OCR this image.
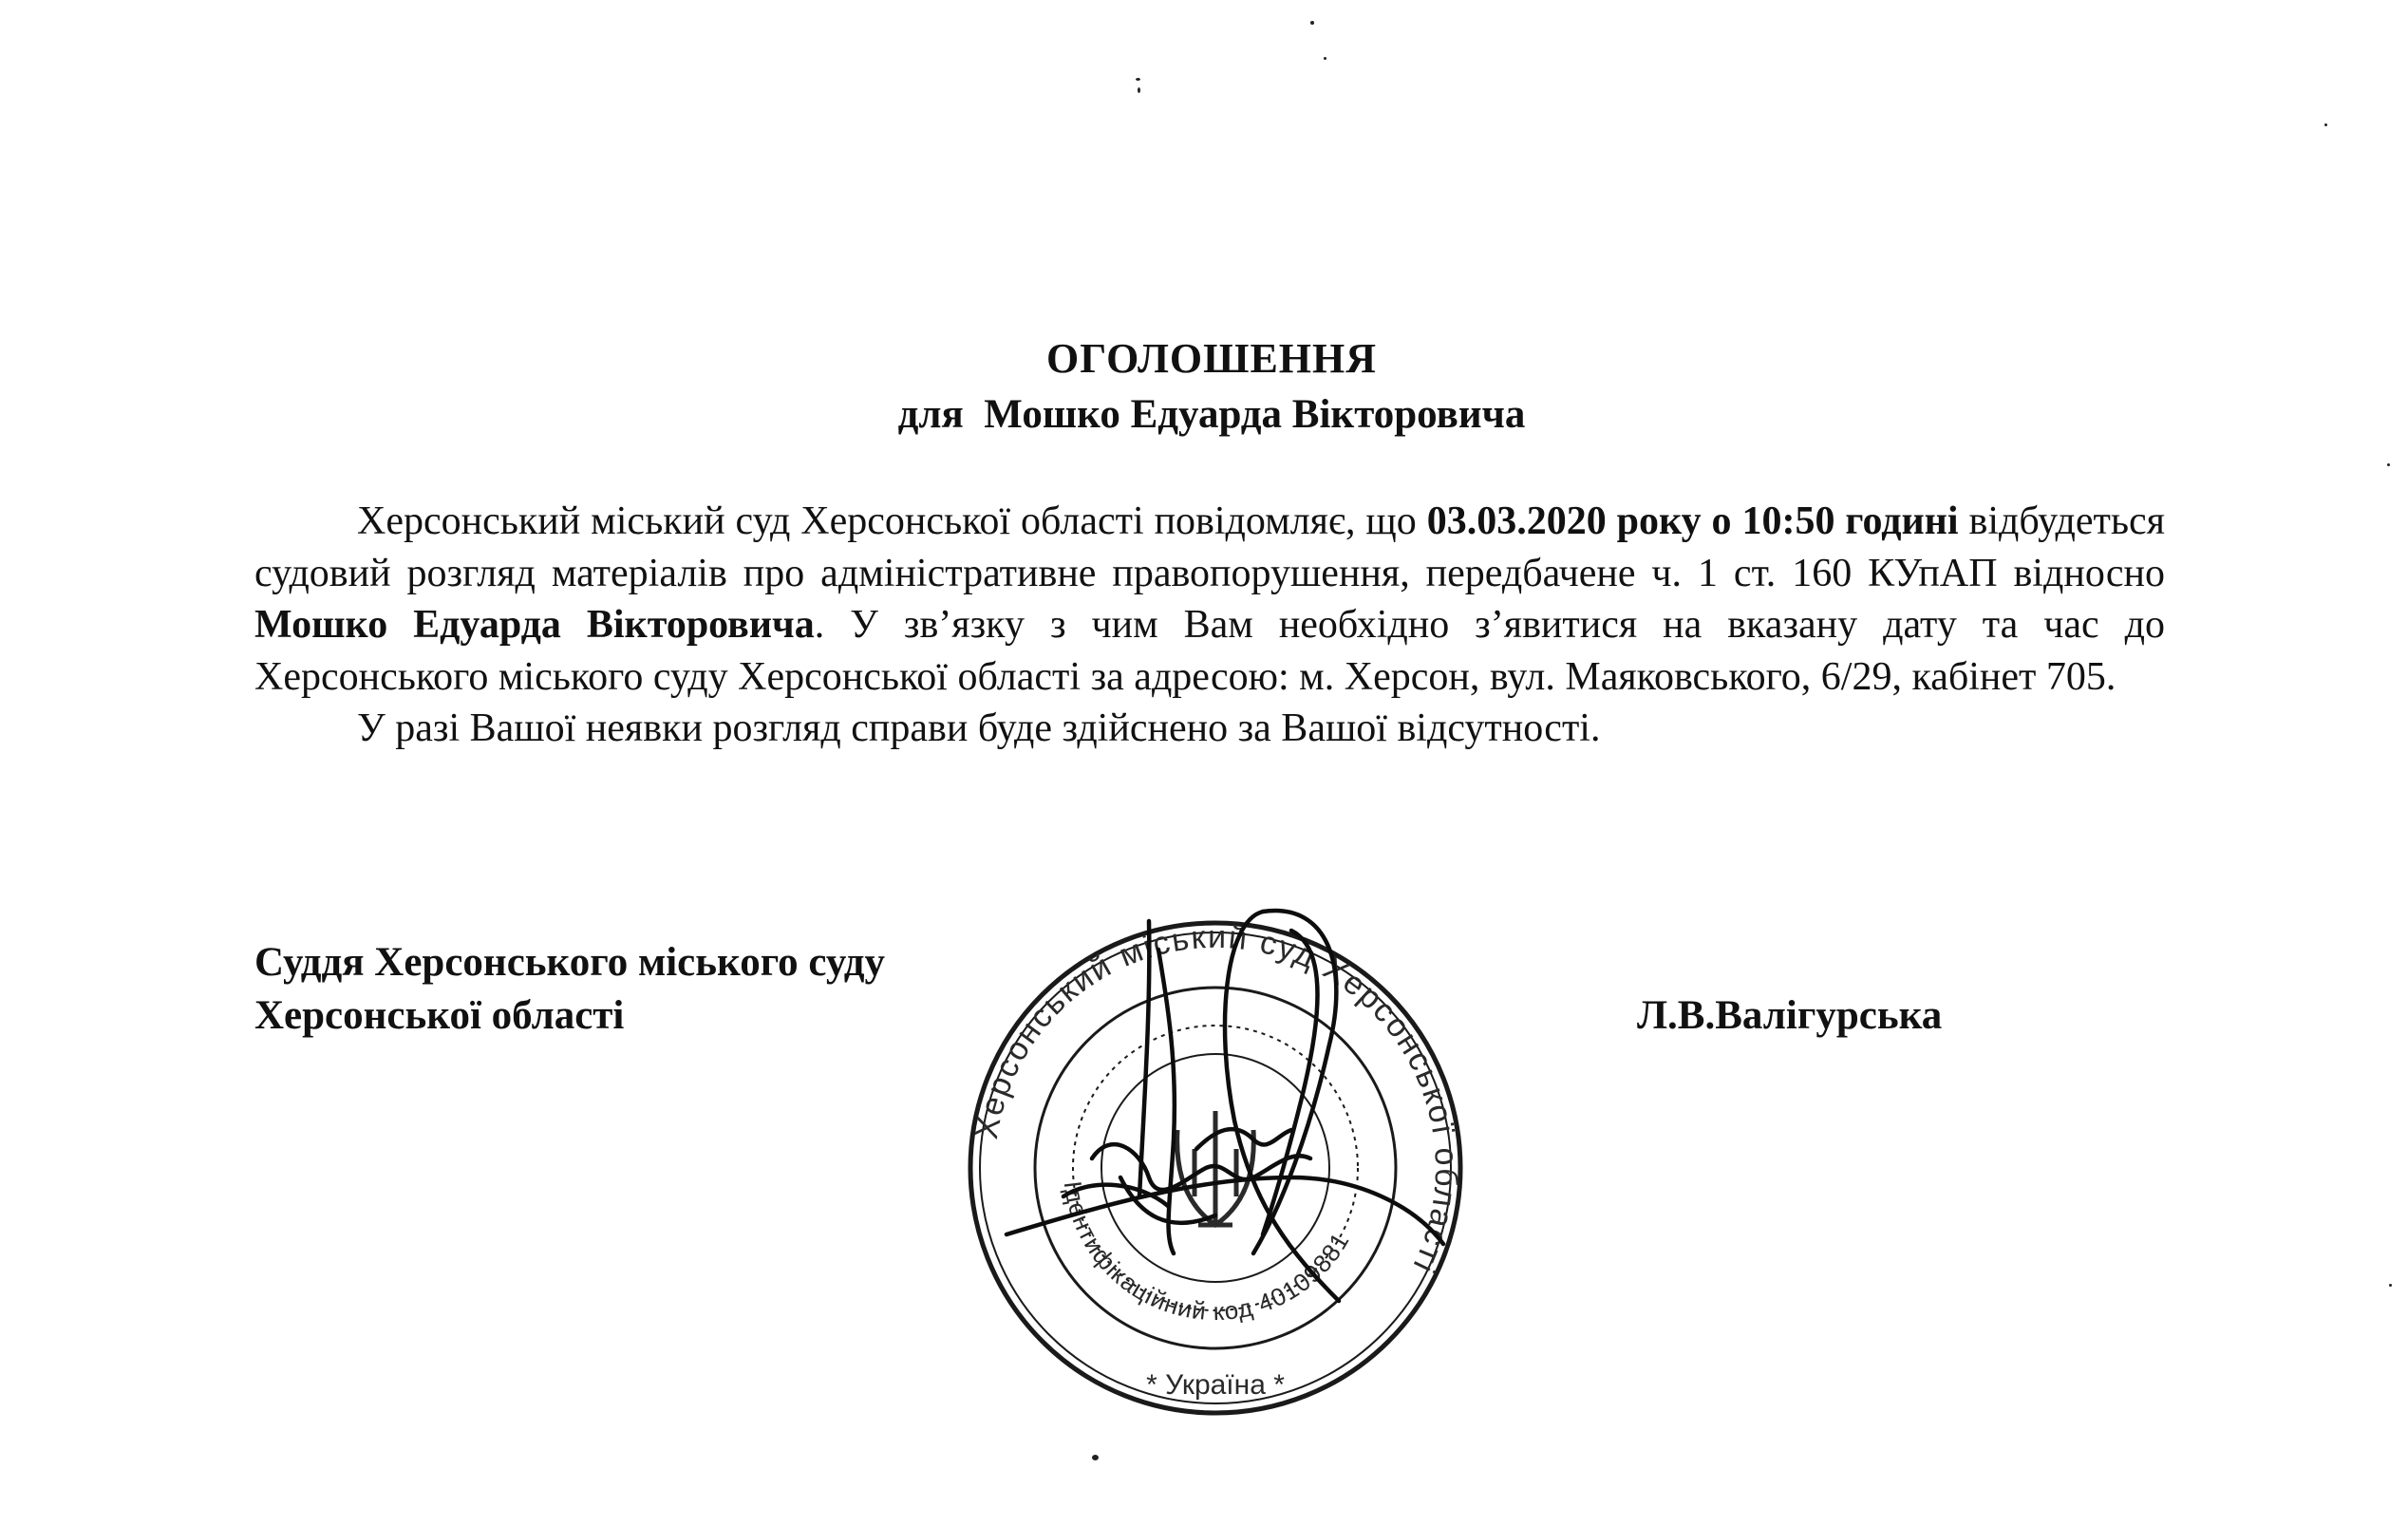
ОГОЛОШЕННЯ
для  Мошко Едуарда Вікторовича

Херсонський міський суд Херсонської області повідомляє, що 03.03.2020 року о 10:50 годині відбудеться судовий розгляд матеріалів про адміністративне правопорушення, передбачене ч. 1 ст. 160 КУпАП відносно Мошко Едуарда Вікторовича. У зв’язку з чим Вам необхідно з’явитися на вказану дату та час до Херсонського міського суду Херсонської області за адресою: м. Херсон, вул. Маяковського, 6/29, кабінет 705.

У разі Вашої неявки розгляд справи буде здійснено за Вашої відсутності.

Суддя Херсонського міського суду
Херсонської області	Л.В.Валігурська
Херсонський міський суд Херсонської області
Ідентифікаційний код 40109881
* Україна *
